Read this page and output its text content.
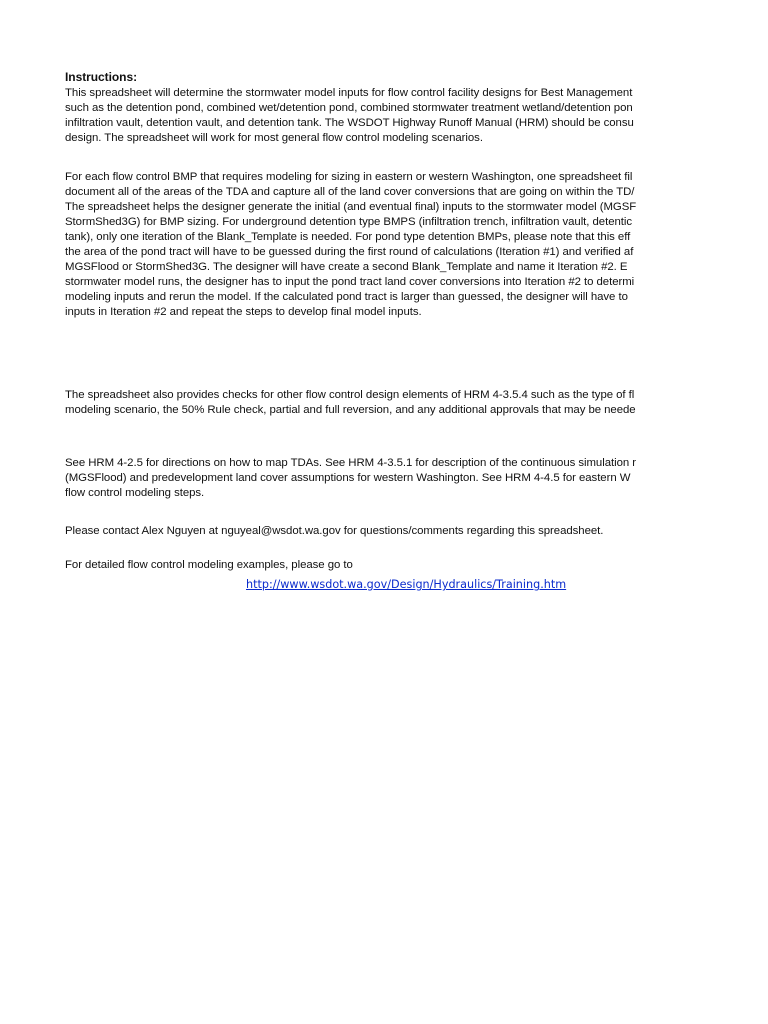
Instructions:
This spreadsheet will determine the stormwater model inputs for flow control facility designs for Best Management
such as the detention pond, combined wet/detention pond, combined stormwater treatment wetland/detention pon
infiltration vault, detention vault, and detention tank. The WSDOT Highway Runoff Manual (HRM) should be consu
design. The spreadsheet will work for most general flow control modeling scenarios.
For each flow control BMP that requires modeling for sizing in eastern or western Washington, one spreadsheet fil
document all of the areas of the TDA and capture all of the land cover conversions that are going on within the TD/
The spreadsheet helps the designer generate the initial (and eventual final) inputs to the stormwater model (MGSF
StormShed3G) for BMP sizing. For underground detention type BMPS (infiltration trench, infiltration vault, detentic
tank), only one iteration of the Blank_Template is needed. For pond type detention BMPs, please note that this eff
the area of the pond tract will have to be guessed during the first round of calculations (Iteration #1) and verified af
MGSFlood or StormShed3G. The designer will have create a second Blank_Template and name it Iteration #2. E
stormwater model runs, the designer has to input the pond tract land cover conversions into Iteration #2 to determi
modeling inputs and rerun the model. If the calculated pond tract is larger than guessed, the designer will have to
inputs in Iteration #2 and repeat the steps to develop final model inputs.
The spreadsheet also provides checks for other flow control design elements of HRM 4-3.5.4 such as the type of fl
modeling scenario, the 50% Rule check, partial and full reversion, and any additional approvals that may be neede
See HRM 4-2.5 for directions on how to map TDAs. See HRM 4-3.5.1 for description of the continuous simulation r
(MGSFlood) and predevelopment land cover assumptions for western Washington. See HRM 4-4.5 for eastern W
flow control modeling steps.
Please contact Alex Nguyen at nguyeal@wsdot.wa.gov for questions/comments regarding this spreadsheet.
For detailed flow control modeling examples, please go to
http://www.wsdot.wa.gov/Design/Hydraulics/Training.htm
